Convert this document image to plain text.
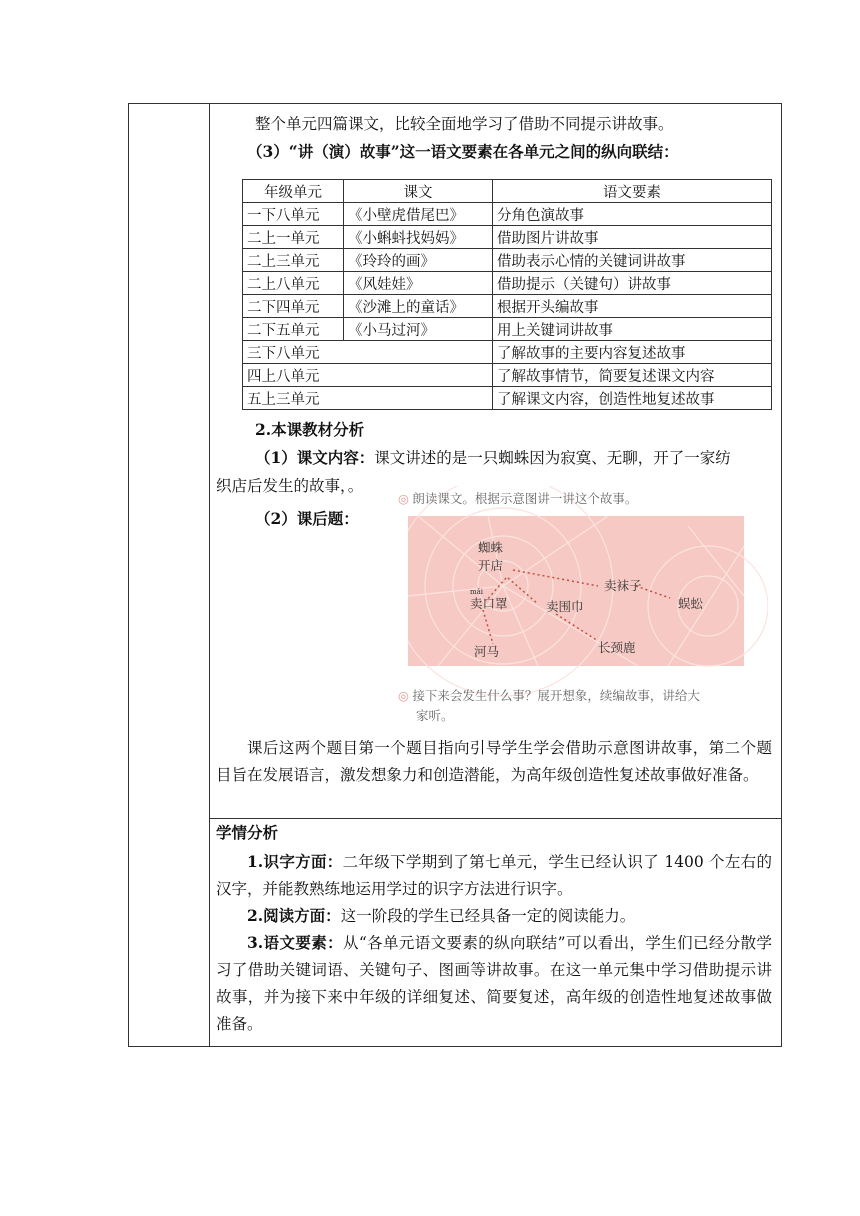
整个单元四篇课文，比较全面地学习了借助不同提示讲故事。
（3）“讲（演）故事”这一语文要素在各单元之间的纵向联结：
年级单元	课文	语文要素
一下八单元	《小壁虎借尾巴》	分角色演故事
二上一单元	《小蝌蚪找妈妈》	借助图片讲故事
二上三单元	《玲玲的画》	借助表示心情的关键词讲故事
二上八单元	《风娃娃》	借助提示（关键句）讲故事
二下四单元	《沙滩上的童话》	根据开头编故事
二下五单元	《小马过河》	用上关键词讲故事
三下八单元		了解故事的主要内容复述故事
四上八单元		了解故事情节，简要复述课文内容
五上三单元		了解课文内容，创造性地复述故事
2.本课教材分析
（1）课文内容：课文讲述的是一只蜘蛛因为寂寞、无聊，开了一家纺
织店后发生的故事，。
（2）课后题：
蜘蛛
开店
mǎi
卖口罩	卖围巾
卖袜子
蜈蚣
河马	长颈鹿
◎ 朗读课文。根据示意图讲一讲这个故事。
◎ 接下来会发生什么事？展开想象，续编故事，讲给大
家听。
课后这两个题目第一个题目指向引导学生学会借助示意图讲故事，第二个题目旨在发展语言，激发想象力和创造潜能，为高年级创造性复述故事做好准备。
学情分析
1.识字方面：二年级下学期到了第七单元，学生已经认识了 1400 个左右的汉字，并能教熟练地运用学过的识字方法进行识字。
2.阅读方面：这一阶段的学生已经具备一定的阅读能力。
3.语文要素：从“各单元语文要素的纵向联结”可以看出，学生们已经分散学习了借助关键词语、关键句子、图画等讲故事。在这一单元集中学习借助提示讲故事，并为接下来中年级的详细复述、简要复述，高年级的创造性地复述故事做准备。
